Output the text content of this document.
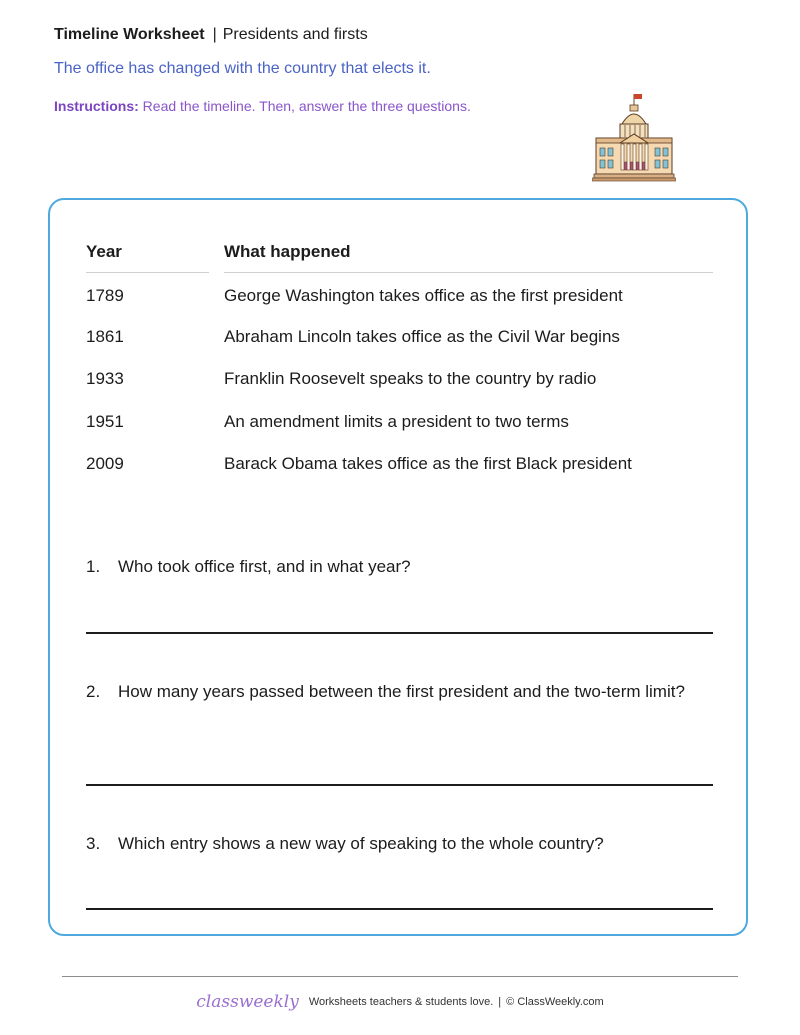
Timeline Worksheet | Presidents and firsts
The office has changed with the country that elects it.
Instructions: Read the timeline. Then, answer the three questions.
Year	What happened
1789	George Washington takes office as the first president
1861	Abraham Lincoln takes office as the Civil War begins
1933	Franklin Roosevelt speaks to the country by radio
1951	An amendment limits a president to two terms
2009	Barack Obama takes office as the first Black president
1. Who took office first, and in what year?
2. How many years passed between the first president and the two-term limit?
3. Which entry shows a new way of speaking to the whole country?
classweekly Worksheets teachers & students love. | © ClassWeekly.com
